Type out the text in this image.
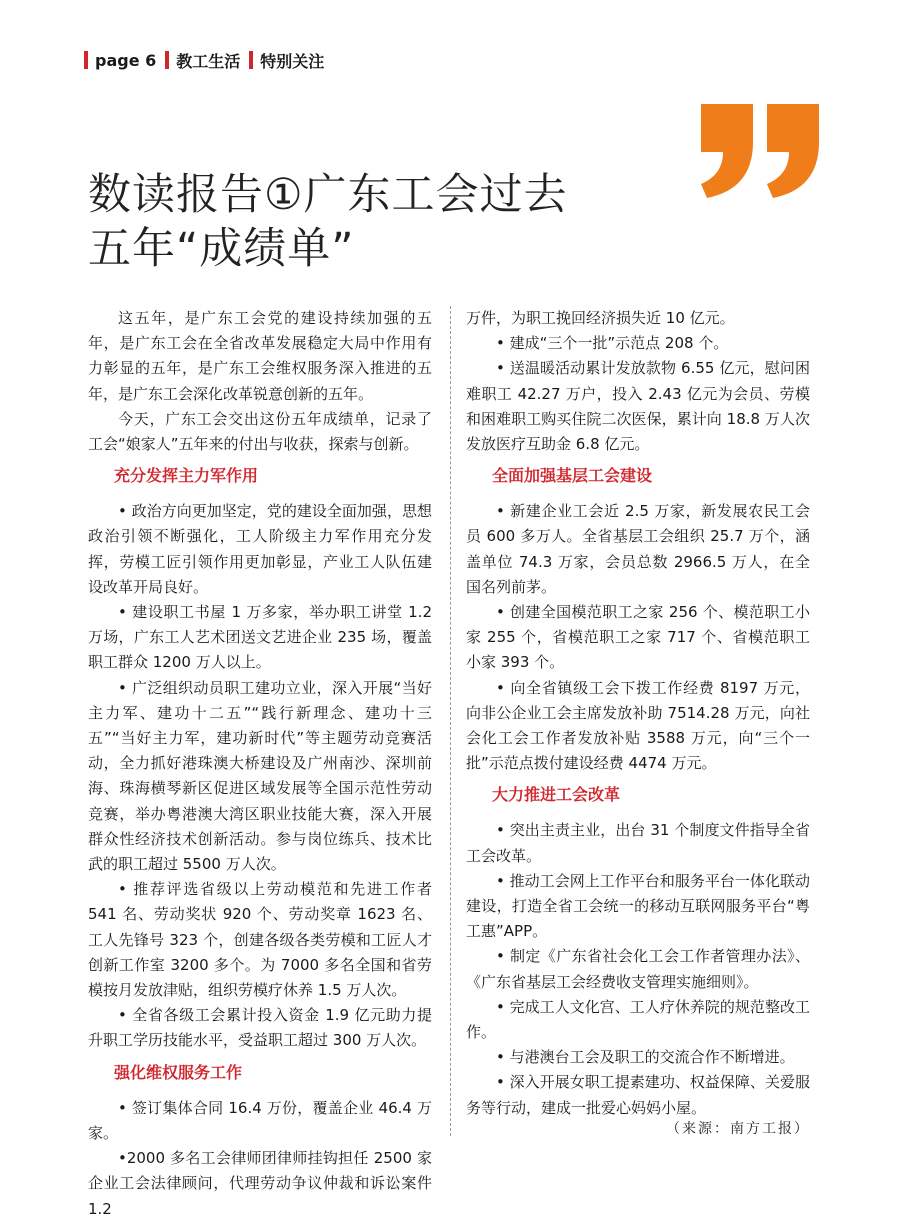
page 6 教工生活 特别关注
数读报告①广东工会过去
五年“成绩单”

这五年，是广东工会党的建设持续加强的五年，是广东工会在全省改革发展稳定大局中作用有力彰显的五年，是广东工会维权服务深入推进的五年，是广东工会深化改革锐意创新的五年。

今天，广东工会交出这份五年成绩单，记录了工会“娘家人”五年来的付出与收获，探索与创新。

充分发挥主力军作用

• 政治方向更加坚定，党的建设全面加强，思想政治引领不断强化，工人阶级主力军作用充分发挥，劳模工匠引领作用更加彰显，产业工人队伍建设改革开局良好。

• 建设职工书屋 1 万多家，举办职工讲堂 1.2 万场，广东工人艺术团送文艺进企业 235 场，覆盖职工群众 1200 万人以上。

• 广泛组织动员职工建功立业，深入开展“当好主力军、建功十二五”“践行新理念、建功十三五”“当好主力军，建功新时代”等主题劳动竞赛活动，全力抓好港珠澳大桥建设及广州南沙、深圳前海、珠海横琴新区促进区域发展等全国示范性劳动竞赛，举办粤港澳大湾区职业技能大赛，深入开展群众性经济技术创新活动。参与岗位练兵、技术比武的职工超过 5500 万人次。

• 推荐评选省级以上劳动模范和先进工作者 541 名、劳动奖状 920 个、劳动奖章 1623 名、工人先锋号 323 个，创建各级各类劳模和工匠人才创新工作室 3200 多个。为 7000 多名全国和省劳模按月发放津贴，组织劳模疗休养 1.5 万人次。

• 全省各级工会累计投入资金 1.9 亿元助力提升职工学历技能水平，受益职工超过 300 万人次。

强化维权服务工作

• 签订集体合同 16.4 万份，覆盖企业 46.4 万家。

•2000 多名工会律师团律师挂钩担任 2500 家企业工会法律顾问，代理劳动争议仲裁和诉讼案件 1.2

万件，为职工挽回经济损失近 10 亿元。

• 建成“三个一批”示范点 208 个。

• 送温暖活动累计发放款物 6.55 亿元，慰问困难职工 42.27 万户，投入 2.43 亿元为会员、劳模和困难职工购买住院二次医保，累计向 18.8 万人次发放医疗互助金 6.8 亿元。

全面加强基层工会建设

• 新建企业工会近 2.5 万家，新发展农民工会员 600 多万人。全省基层工会组织 25.7 万个，涵盖单位 74.3 万家，会员总数 2966.5 万人，在全国名列前茅。

• 创建全国模范职工之家 256 个、模范职工小家 255 个，省模范职工之家 717 个、省模范职工小家 393 个。

• 向全省镇级工会下拨工作经费 8197 万元，向非公企业工会主席发放补助 7514.28 万元，向社会化工会工作者发放补贴 3588 万元，向“三个一批”示范点拨付建设经费 4474 万元。

大力推进工会改革

• 突出主责主业，出台 31 个制度文件指导全省工会改革。

• 推动工会网上工作平台和服务平台一体化联动建设，打造全省工会统一的移动互联网服务平台“粤工惠”APP。

• 制定《广东省社会化工会工作者管理办法》、《广东省基层工会经费收支管理实施细则》。

• 完成工人文化宫、工人疗休养院的规范整改工作。

• 与港澳台工会及职工的交流合作不断增进。

• 深入开展女职工提素建功、权益保障、关爱服务等行动，建成一批爱心妈妈小屋。

（来源：南方工报）
